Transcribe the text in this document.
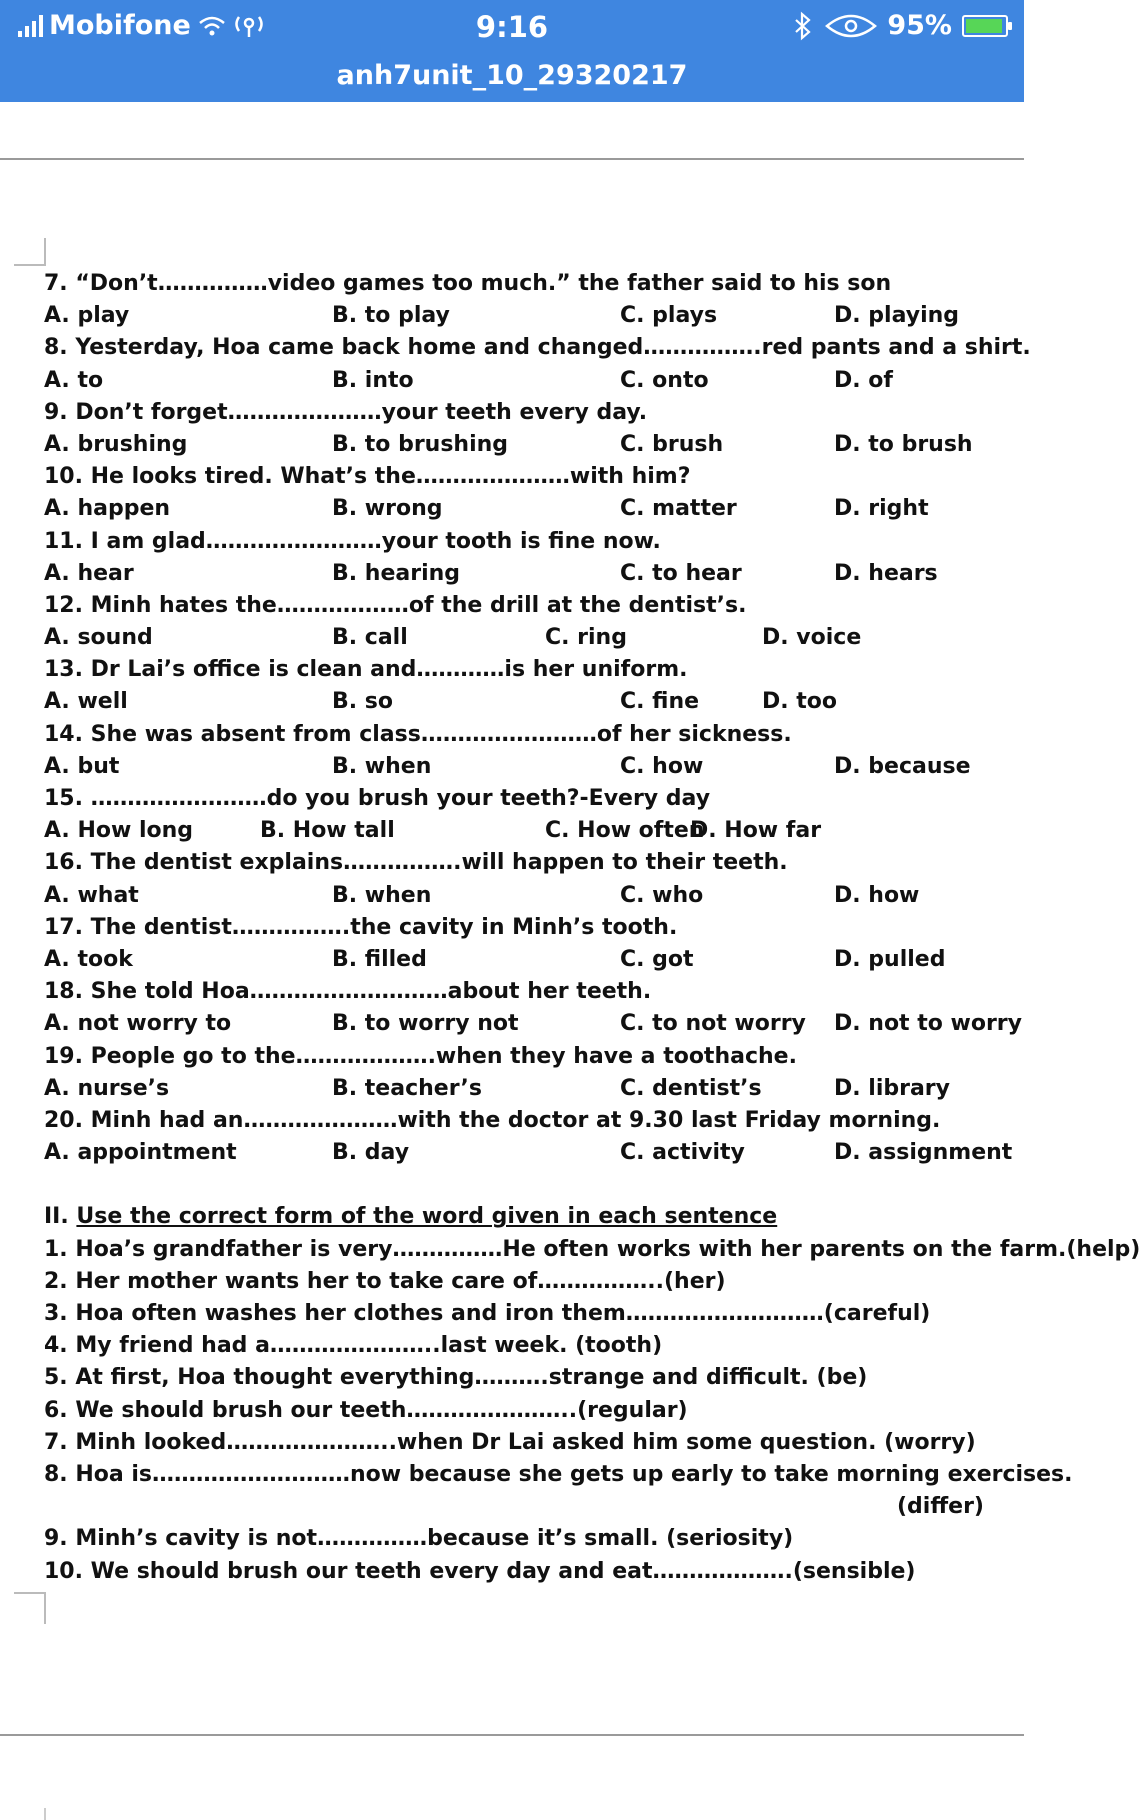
Mobifone	9:16	95%
anh7unit_10_29320217
7. “Don’t……………video games too much.” the father said to his son
A. play	B. to play	C. plays	D. playing
8. Yesterday, Hoa came back home and changed…………….red pants and a shirt.
A. to	B. into	C. onto	D. of
9. Don’t forget…………………your teeth every day.
A. brushing	B. to brushing	C. brush	D. to brush
10. He looks tired. What’s the…………………with him?
A. happen	B. wrong	C. matter	D. right
11. I am glad……………………your tooth is fine now.
A. hear	B. hearing	C. to hear	D. hears
12. Minh hates the………………of the drill at the dentist’s.
A. sound	B. call	C. ring	D. voice
13. Dr Lai’s office is clean and…………is her uniform.
A. well	B. so	C. fine	D. too
14. She was absent from class……………………of her sickness.
A. but	B. when	C. how	D. because
15. ……………………do you brush your teeth?-Every day
A. How long	B. How tall	C. How often
D. How far
16. The dentist explains…………….will happen to their teeth.
A. what	B. when	C. who	D. how
17. The dentist…………….the cavity in Minh’s tooth.
A. took	B. filled	C. got	D. pulled
18. She told Hoa………………………about her teeth.
A. not worry to	B. to worry not	C. to not worry D. not to worry
19. People go to the……………….when they have a toothache.
A. nurse’s	B. teacher’s	C. dentist’s	D. library
20. Minh had an…………………with the doctor at 9.30 last Friday morning.
A. appointment	B. day	C. activity	D. assignment
II. Use the correct form of the word given in each sentence
1. Hoa’s grandfather is very……………He often works with her parents on the farm.(help)
2. Her mother wants her to take care of……………..(her)
3. Hoa often washes her clothes and iron them………………………(careful)
4. My friend had a…………………..last week. (tooth)
5. At first, Hoa thought everything……….strange and difficult. (be)
6. We should brush our teeth…………………..(regular)
7. Minh looked…………………..when Dr Lai asked him some question. (worry)
8. Hoa is………………………now because she gets up early to take morning exercises.
(differ)
9. Minh’s cavity is not……………because it’s small. (seriosity)
10. We should brush our teeth every day and eat……………….(sensible)
